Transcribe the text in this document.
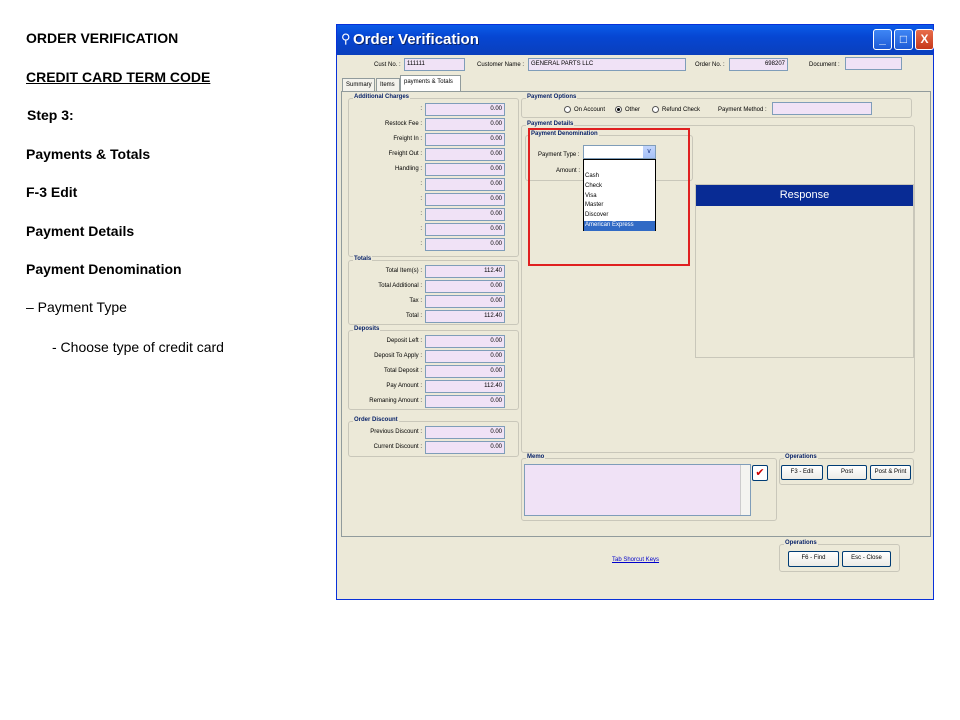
ORDER VERIFICATION
CREDIT CARD TERM CODE
Step 3:
Payments & Totals
F-3 Edit
Payment Details
Payment Denomination
– Payment Type
- Choose type of credit card
⚲ Order Verification	_	□	X
Cust No. :	111111	Customer Name :	GENERAL PARTS LLC	Order No. :	698207	Document :
Summary	Items	payments & Totals
Additional Charges
:	0.00
Restock Fee :	0.00
Freight In :	0.00
Freight Out :	0.00
Handling :	0.00
:	0.00
:	0.00
:	0.00
:	0.00
:	0.00
Totals
Total Item(s) :	112.40
Total Additional :	0.00
Tax :	0.00
Total :	112.40
Deposits
Deposit Left :	0.00
Deposit To Apply :	0.00
Total Deposit :	0.00
Pay Amount :	112.40
Remaning Amount :	0.00
Order Discount
Previous Discount :	0.00
Current Discount :	0.00
Payment Options
On Account	Other	Refund Check	Payment Method :
Payment Details
Payment Denomination
Payment Type :
Amount :
∨
Cash
Check
Visa
Master
Discover
American Express
Response
Memo
✔
Operations
F3 - Edit	Post	Post & Print
Tab Shorcut Keys
Operations
F6 - Find	Esc - Close
